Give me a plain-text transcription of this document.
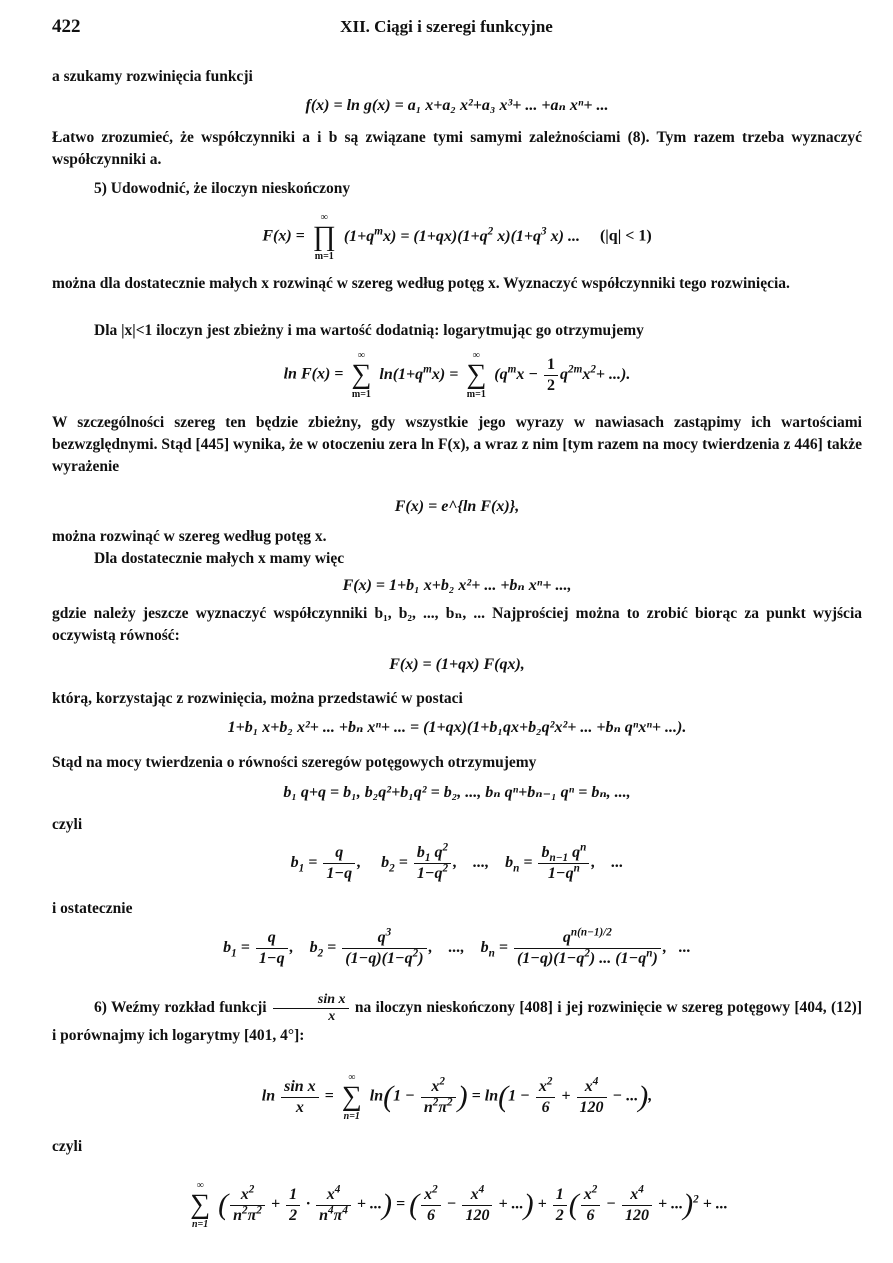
422	XII. Ciągi i szeregi funkcyjne

a szukamy rozwinięcia funkcji

f(x) = ln g(x) = a₁ x+a₂ x²+a₃ x³+ ... +aₙ xⁿ+ ...

Łatwo zrozumieć, że współczynniki a i b są związane tymi samymi zależnościami (8). Tym razem trzeba wyznaczyć współczynniki a.

5) Udowodnić, że iloczyn nieskończony

F(x) =
∞
∏
m=1
$(1+q^mx) = (1+qx)(1+q^2$ $x)(1+q^3$ x) ... (|q| < 1)

można dla dostatecznie małych x rozwinąć w szereg według potęg x. Wyznaczyć współczynniki tego rozwinięcia.

Dla |x|<1 iloczyn jest zbieżny i ma wartość dodatnią: logarytmując go otrzymujemy

ln F(x) =
∞
∑
m=1
$\ln(1+q^mx)$ =
∞
∑
m=1
($q^mx - \frac{1}{2} q^{2m}x^2+$ ...).

W szczególności szereg ten będzie zbieżny, gdy wszystkie jego wyrazy w nawiasach zastąpimy ich wartościami bezwzględnymi. Stąd [445] wynika, że w otoczeniu zera ln F(x), a wraz z nim [tym razem na mocy twierdzenia z 446] także wyrażenie

F(x) = e^{ln F(x)},

można rozwinąć w szereg według potęg x.

Dla dostatecznie małych x mamy więc

F(x) = 1+b₁ x+b₂ x²+ ... +bₙ xⁿ+ ...,

gdzie należy jeszcze wyznaczyć współczynniki b₁, b₂, ..., bₙ, ... Najprościej można to zrobić biorąc za punkt wyjścia oczywistą równość:

F(x) = (1+qx) F(qx),

którą, korzystając z rozwinięcia, można przedstawić w postaci

1+b₁ x+b₂ x²+ ... +bₙ xⁿ+ ... = (1+qx)(1+b₁qx+b₂q²x²+ ... +bₙ qⁿxⁿ+ ...).

Stąd na mocy twierdzenia o równości szeregów potęgowych otrzymujemy

b₁ q+q = b₁, b₂q²+b₁q² = b₂, ..., bₙ qⁿ+bₙ₋₁ qⁿ = bₙ, ...,

czyli

$b_1 = \frac{q}{1-q}$ ,     $b_2 = \frac{b_1 q^2}{1-q^2}$ ,    ...,    $b_n = \frac{b_{n-1} q^n}{1-q^n}$ ,    ...

i ostatecznie

$b_1 = \frac{q}{1-q}$ ,    $b_2 = \frac{q^3}{(1-q)(1-q^2)}$ ,    ...,    $b_n = \frac{q^{n(n-1)/2}}{(1-q)(1-q^2) ... (1-q^n)}$ ,   ...

6) Weźmy rozkład funkcji $\frac{\text{sin x}}{x}$ na iloczyn nieskończony [408] i jej rozwinięcie w szereg potęgowy [404, (12)] i porównajmy ich logarytmy [401, 4°]:

$\ln \frac{\text{sin x}}{x}$ =
∞
∑
n=1
$\ln(1 - \frac{x^2}{n^2\pi^2}$ ) = $\ln(1 - \frac{x^2}{6} + \frac{x^4}{120}$ − ...),

czyli

∞
∑
n=1
( $\frac{x^2}{n^2\pi^2} + \frac{1}{2} \cdot \frac{x^4}{n^4\pi^4}$ + ...) = ( $\frac{x^2}{6} - \frac{x^4}{120}$ + ...) + $\frac{1}{2}$ ( $\frac{x^2}{6} - \frac{x^4}{120} + ...)^2$ + ...
